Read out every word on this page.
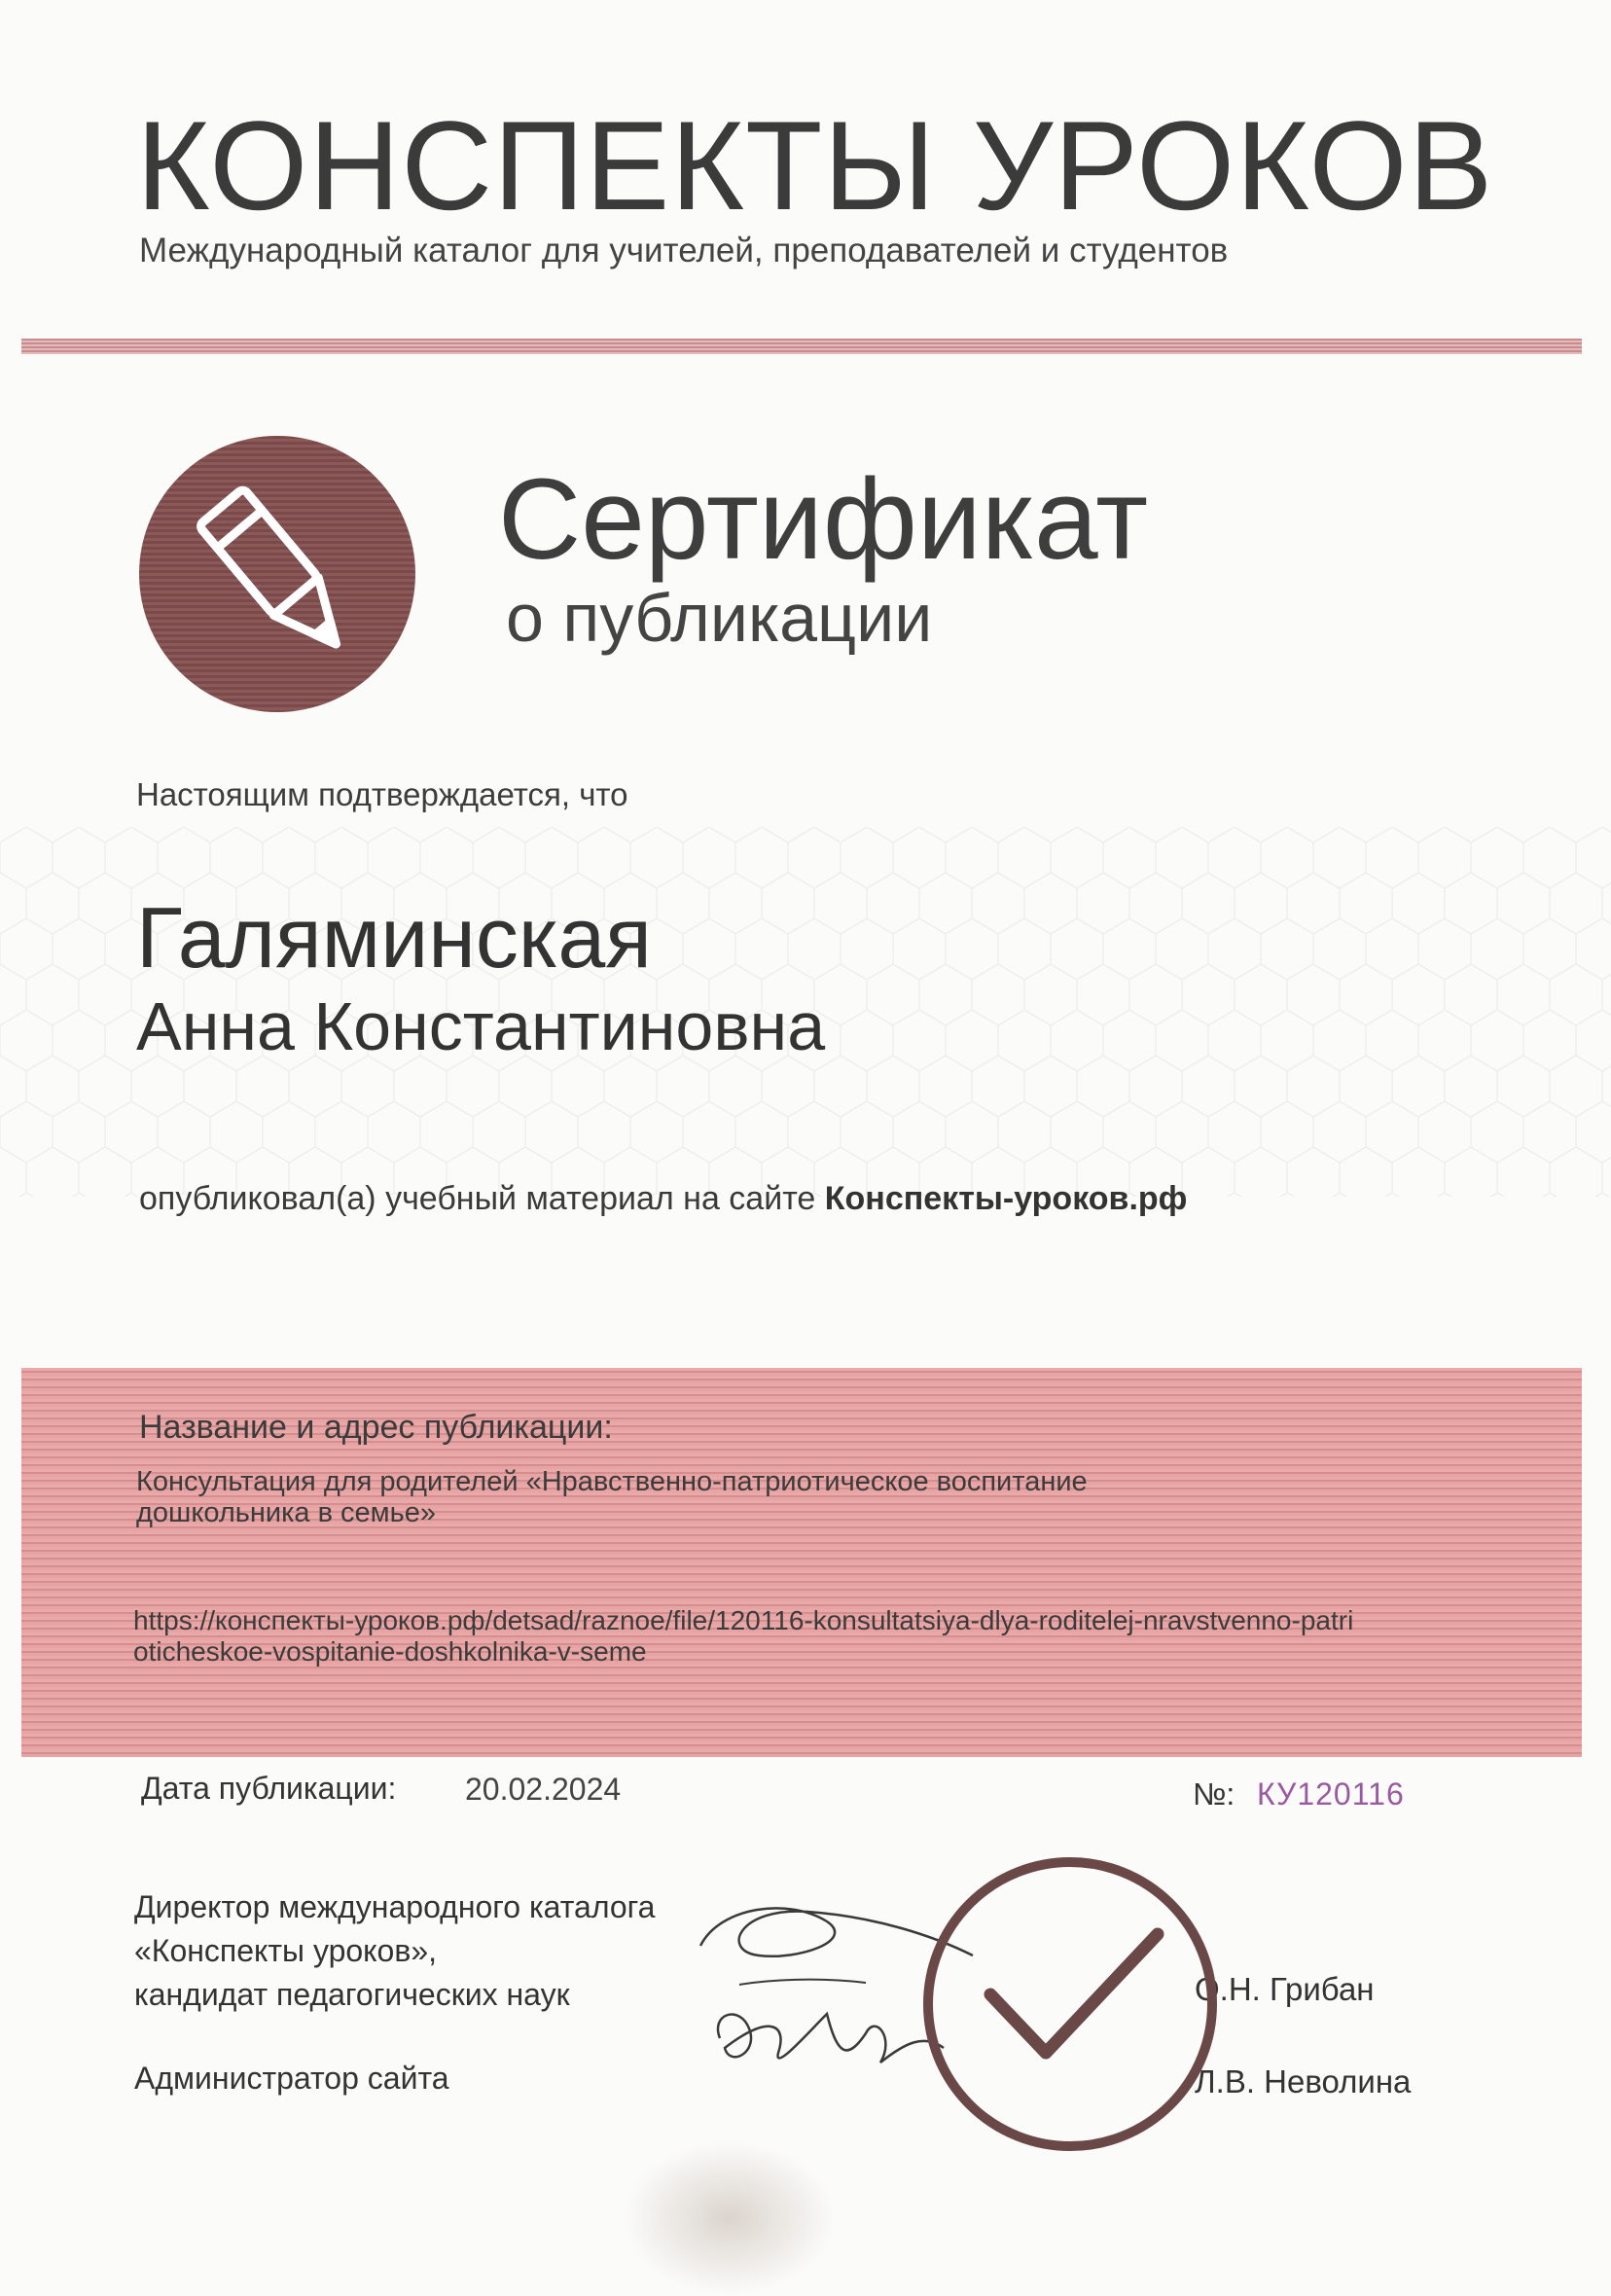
КОНСПЕКТЫ УРОКОВ
Международный каталог для учителей, преподавателей и студентов
Сертификат
о публикации
Настоящим подтверждается, что
Галяминская
Анна Константиновна
опубликовал(а) учебный материал на сайте Конспекты-уроков.рф
Название и адрес публикации:
Консультация для родителей «Нравственно-патриотическое воспитание дошкольника в семье»
https://конспекты-уроков.рф/detsad/raznoe/file/120116-konsultatsiya-dlya-roditelej-nravstvenno-patrioticheskoe-vospitanie-doshkolnika-v-seme
Дата публикации: 20.02.2024	№: КУ120116
Директор международного каталога
«Конспекты уроков»,
кандидат педагогических наук	О.Н. Грибан
Администратор сайта	Л.В. Неволина
